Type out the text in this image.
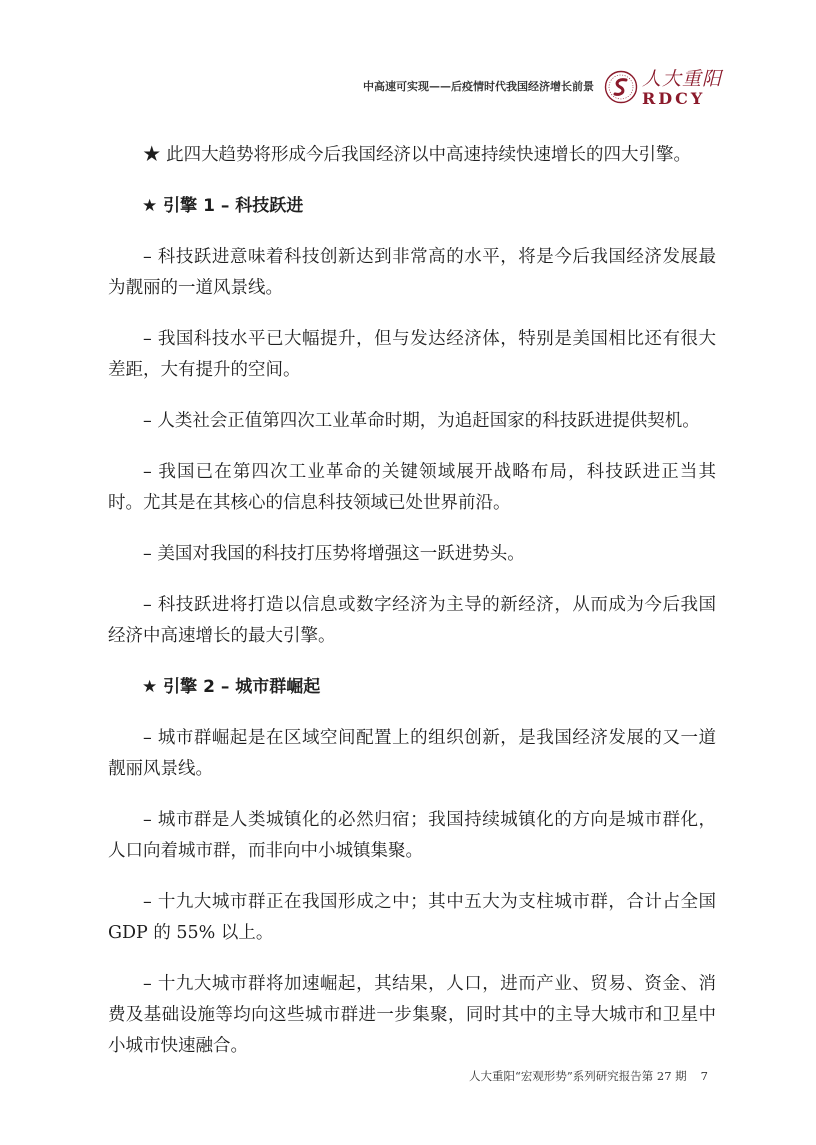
中高速可实现——后疫情时代我国经济增长前景	人大重阳
RDCY

★ 此四大趋势将形成今后我国经济以中高速持续快速增长的四大引擎。

★ 引擎 1 – 科技跃进

– 科技跃进意味着科技创新达到非常高的水平，将是今后我国经济发展最为靓丽的一道风景线。

– 我国科技水平已大幅提升，但与发达经济体，特别是美国相比还有很大差距，大有提升的空间。

– 人类社会正值第四次工业革命时期，为追赶国家的科技跃进提供契机。

– 我国已在第四次工业革命的关键领域展开战略布局，科技跃进正当其时。尤其是在其核心的信息科技领域已处世界前沿。

– 美国对我国的科技打压势将增强这一跃进势头。

– 科技跃进将打造以信息或数字经济为主导的新经济，从而成为今后我国经济中高速增长的最大引擎。

★ 引擎 2 – 城市群崛起

– 城市群崛起是在区域空间配置上的组织创新，是我国经济发展的又一道靓丽风景线。

– 城市群是人类城镇化的必然归宿；我国持续城镇化的方向是城市群化，人口向着城市群，而非向中小城镇集聚。

– 十九大城市群正在我国形成之中；其中五大为支柱城市群，合计占全国GDP 的 55% 以上。

– 十九大城市群将加速崛起，其结果，人口，进而产业、贸易、资金、消费及基础设施等均向这些城市群进一步集聚，同时其中的主导大城市和卫星中小城市快速融合。

人大重阳“宏观形势”系列研究报告第 27 期 7
